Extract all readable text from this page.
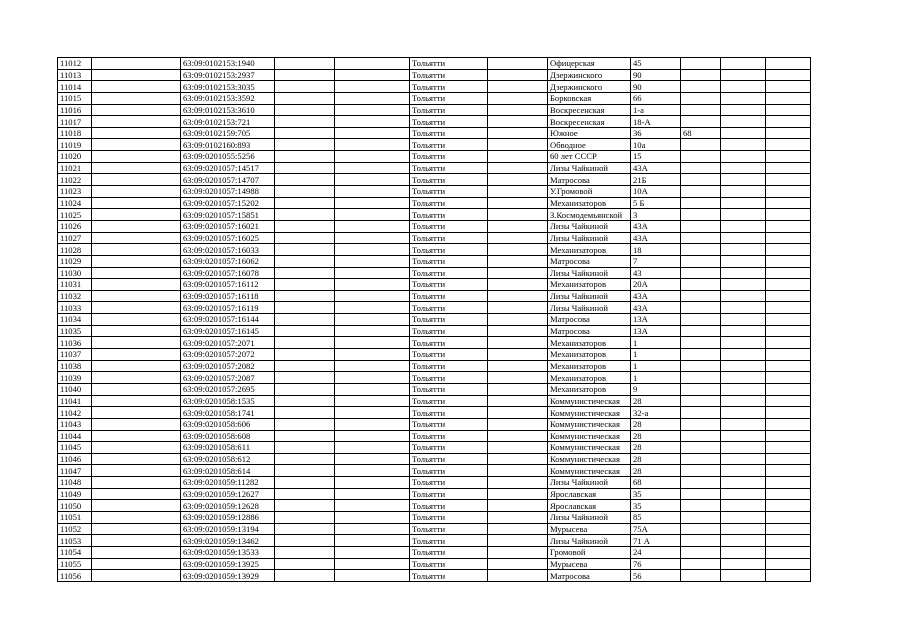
11012		63:09:0102153:1940			Тольятти		Офицерская	45			
11013		63:09:0102153:2937			Тольятти		Дзержинского	90			
11014		63:09:0102153:3035			Тольятти		Дзержинского	90			
11015		63:09:0102153:3592			Тольятти		Борковская	66			
11016		63:09:0102153:3610			Тольятти		Воскресенская	1-а			
11017		63:09:0102153:721			Тольятти		Воскресенская	18-А			
11018		63:09:0102159:705			Тольятти		Южное	36	68		
11019		63:09:0102160:893			Тольятти		Обводное	10а			
11020		63:09:0201055:5256			Тольятти		60 лет СССР	15			
11021		63:09:0201057:14517			Тольятти		Лизы Чайкиной	43А			
11022		63:09:0201057:14707			Тольятти		Матросова	21Б			
11023		63:09:0201057:14988			Тольятти		У.Громовой	10А			
11024		63:09:0201057:15202			Тольятти		Механизаторов	5 Б			
11025		63:09:0201057:15851			Тольятти		З.Космодемьянской	3			
11026		63:09:0201057:16021			Тольятти		Лизы Чайкиной	43А			
11027		63:09:0201057:16025			Тольятти		Лизы Чайкиной	43А			
11028		63:09:0201057:16033			Тольятти		Механизаторов	18			
11029		63:09:0201057:16062			Тольятти		Матросова	7			
11030		63:09:0201057:16078			Тольятти		Лизы Чайкиной	43			
11031		63:09:0201057:16112			Тольятти		Механизаторов	20А			
11032		63:09:0201057:16118			Тольятти		Лизы Чайкиной	43А			
11033		63:09:0201057:16119			Тольятти		Лизы Чайкиной	43А			
11034		63:09:0201057:16144			Тольятти		Матросова	13А			
11035		63:09:0201057:16145			Тольятти		Матросова	13А			
11036		63:09:0201057:2071			Тольятти		Механизаторов	1			
11037		63:09:0201057:2072			Тольятти		Механизаторов	1			
11038		63:09:0201057:2082			Тольятти		Механизаторов	1			
11039		63:09:0201057:2087			Тольятти		Механизаторов	1			
11040		63:09:0201057:2695			Тольятти		Механизаторов	9			
11041		63:09:0201058:1535			Тольятти		Коммунистическая	28			
11042		63:09:0201058:1741			Тольятти		Коммунистическая	32-а			
11043		63:09:0201058:606			Тольятти		Коммунистическая	28			
11044		63:09:0201058:608			Тольятти		Коммунистическая	28			
11045		63:09:0201058:611			Тольятти		Коммунистическая	28			
11046		63:09:0201058:612			Тольятти		Коммунистическая	28			
11047		63:09:0201058:614			Тольятти		Коммунистическая	28			
11048		63:09:0201059:11282			Тольятти		Лизы Чайкиной	68			
11049		63:09:0201059:12627			Тольятти		Ярославская	35			
11050		63:09:0201059:12628			Тольятти		Ярославская	35			
11051		63:09:0201059:12886			Тольятти		Лизы Чайкиной	85			
11052		63:09:0201059:13194			Тольятти		Мурысева	75А			
11053		63:09:0201059:13462			Тольятти		Лизы Чайкиной	71 А			
11054		63:09:0201059:13533			Тольятти		Громовой	24			
11055		63:09:0201059:13925			Тольятти		Мурысева	76			
11056		63:09:0201059:13929			Тольятти		Матросова	56			
